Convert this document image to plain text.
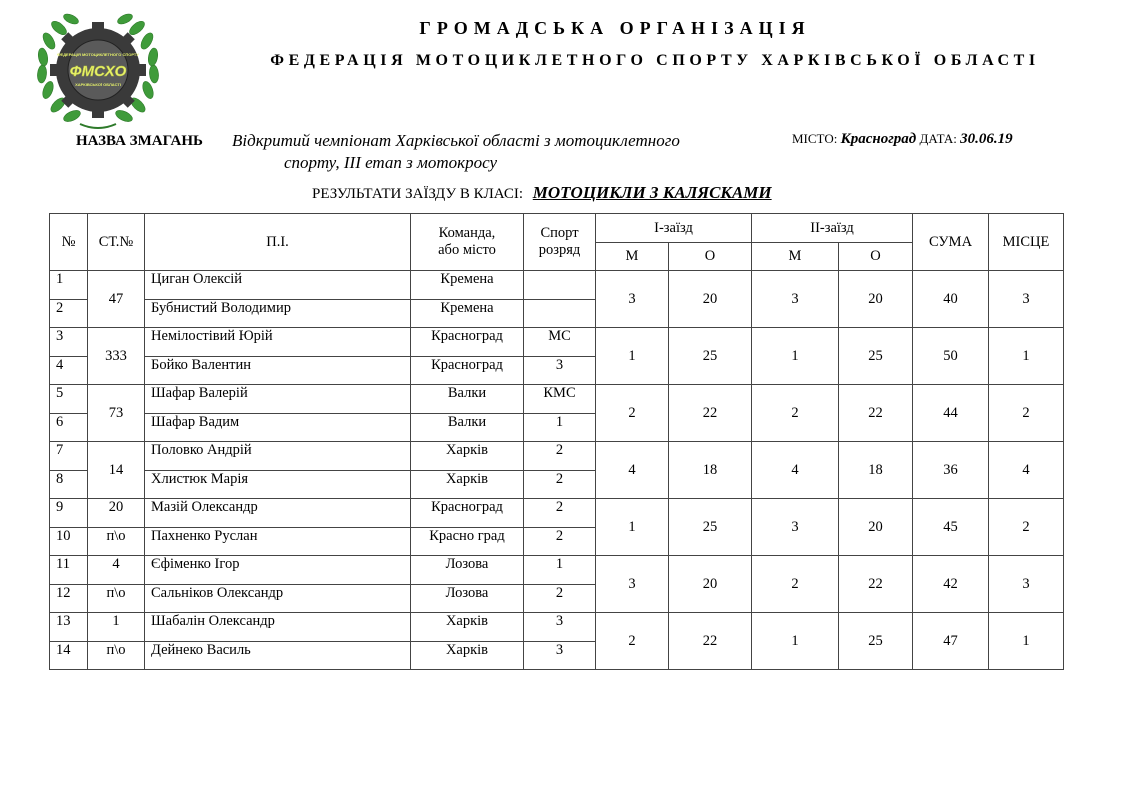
ФЕДЕРАЦІЯ МОТОЦИКЛЕТНОГО СПОРТУ
ФМСХО
ХАРКІВСЬКОЇ ОБЛАСТІ
ГРОМАДСЬКА ОРГАНІЗАЦІЯ
ФЕДЕРАЦІЯ МОТОЦИКЛЕТНОГО СПОРТУ ХАРКІВСЬКОЇ ОБЛАСТІ
НАЗВА ЗМАГАНЬ Відкритий чемпіонат Харківської області з мотоциклетного
спорту, ІІІ етап з мотокросу
МІСТО: Красноград ДАТА: 30.06.19
РЕЗУЛЬТАТИ ЗАЇЗДУ В КЛАСІ: МОТОЦИКЛИ З КАЛЯСКАМИ
№	СТ.№	П.І.	Команда,
або місто	Спорт
розряд	І-заїзд		ІІ-заїзд		СУМА	МІСЦЕ
					М	О	М	О		
1	47	Циган Олексій	Кремена		3	20	3	20	40	3
2		Бубнистий Володимир	Кремена							
3	333	Немілостівий Юрій	Красноград	МС	1	25	1	25	50	1
4		Бойко Валентин	Красноград	3						
5	73	Шафар Валерій	Валки	КМС	2	22	2	22	44	2
6		Шафар Вадим	Валки	1						
7	14	Половко Андрій	Харків	2	4	18	4	18	36	4
8		Хлистюк Марія	Харків	2						
9	20	Мазій Олександр	Красноград	2	1	25	3	20	45	2
10	п\о	Пахненко Руслан	Красно град	2						
11	4	Єфіменко Ігор	Лозова	1	3	20	2	22	42	3
12	п\о	Сальніков Олександр	Лозова	2						
13	1	Шабалін Олександр	Харків	3	2	22	1	25	47	1
14	п\о	Дейнеко Василь	Харків	3						
